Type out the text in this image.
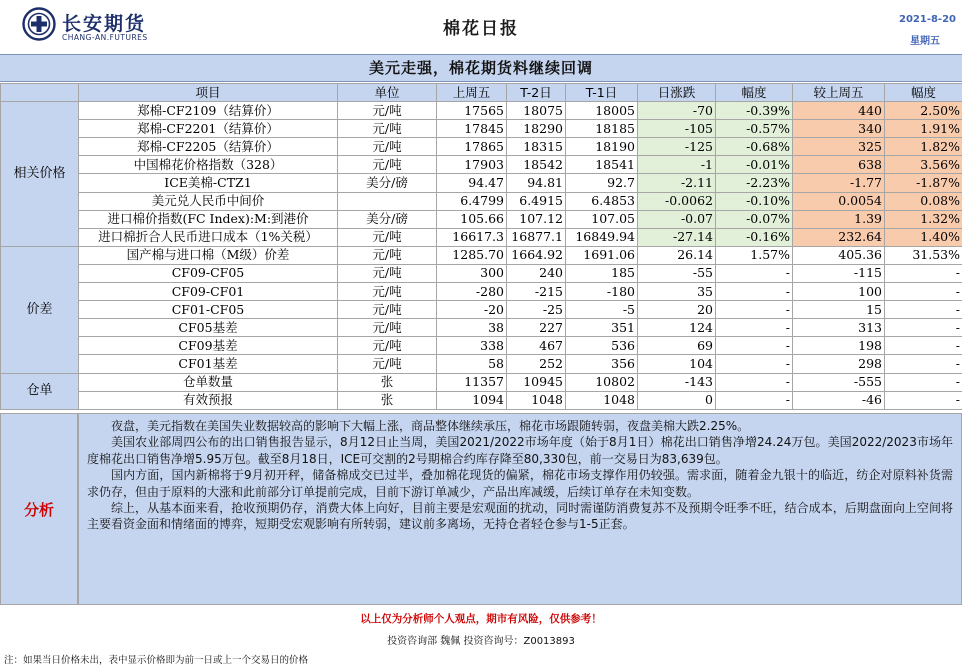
长安期货
CHANG-AN.FUTURES	棉花日报	2021-8-20
星期五
美元走强，棉花期货料继续回调
	项目	单位	上周五	T-2日	T-1日	日涨跌	幅度	较上周五	幅度
相关价格	郑棉-CF2109（结算价）	元/吨	17565	18075	18005	-70	-0.39%	440	2.50%
	郑棉-CF2201（结算价）	元/吨	17845	18290	18185	-105	-0.57%	340	1.91%
	郑棉-CF2205（结算价）	元/吨	17865	18315	18190	-125	-0.68%	325	1.82%
	中国棉花价格指数（328）	元/吨	17903	18542	18541	-1	-0.01%	638	3.56%
	ICE美棉-CTZ1	美分/磅	94.47	94.81	92.7	-2.11	-2.23%	-1.77	-1.87%
	美元兑人民币中间价		6.4799	6.4915	6.4853	-0.0062	-0.10%	0.0054	0.08%
	进口棉价指数(FC Index):M:到港价	美分/磅	105.66	107.12	107.05	-0.07	-0.07%	1.39	1.32%
	进口棉折合人民币进口成本（1%关税）	元/吨	16617.3	16877.1	16849.94	-27.14	-0.16%	232.64	1.40%
价差	国产棉与进口棉（M级）价差	元/吨	1285.70	1664.92	1691.06	26.14	1.57%	405.36	31.53%
	CF09-CF05	元/吨	300	240	185	-55	-	-115	-
	CF09-CF01	元/吨	-280	-215	-180	35	-	100	-
	CF01-CF05	元/吨	-20	-25	-5	20	-	15	-
	CF05基差	元/吨	38	227	351	124	-	313	-
	CF09基差	元/吨	338	467	536	69	-	198	-
	CF01基差	元/吨	58	252	356	104	-	298	-
仓单	仓单数量	张	11357	10945	10802	-143	-	-555	-
	有效预报	张	1094	1048	1048	0	-	-46	-
分析

夜盘，美元指数在美国失业数据较高的影响下大幅上涨，商品整体继续承压，棉花市场跟随转弱，夜盘美棉大跌2.25%。

美国农业部周四公布的出口销售报告显示，8月12日止当周，美国2021/2022市场年度（始于8月1日）棉花出口销售净增24.24万包。美国2022/2023市场年度棉花出口销售净增5.95万包。截至8月18日，ICE可交割的2号期棉合约库存降至80,330包，前一交易日为83,639包。

国内方面，国内新棉将于9月初开秤，储备棉成交已过半，叠加棉花现货的偏紧，棉花市场支撑作用仍较强。需求面，随着金九银十的临近，纺企对原料补货需求仍存，但由于原料的大涨和此前部分订单提前完成，目前下游订单减少，产品出库减缓，后续订单存在未知变数。

综上，从基本面来看，抢收预期仍存，消费大体上向好，目前主要是宏观面的扰动，同时需谨防消费复苏不及预期令旺季不旺，结合成本，后期盘面向上空间将主要看资金面和情绪面的博弈，短期受宏观影响有所转弱，建议前多离场，无持仓者轻仓参与1-5正套。

以上仅为分析师个人观点，期市有风险，仅供参考！
投资咨询部 魏佩 投资咨询号：Z0013893
注：如果当日价格未出，表中显示价格即为前一日或上一个交易日的价格
